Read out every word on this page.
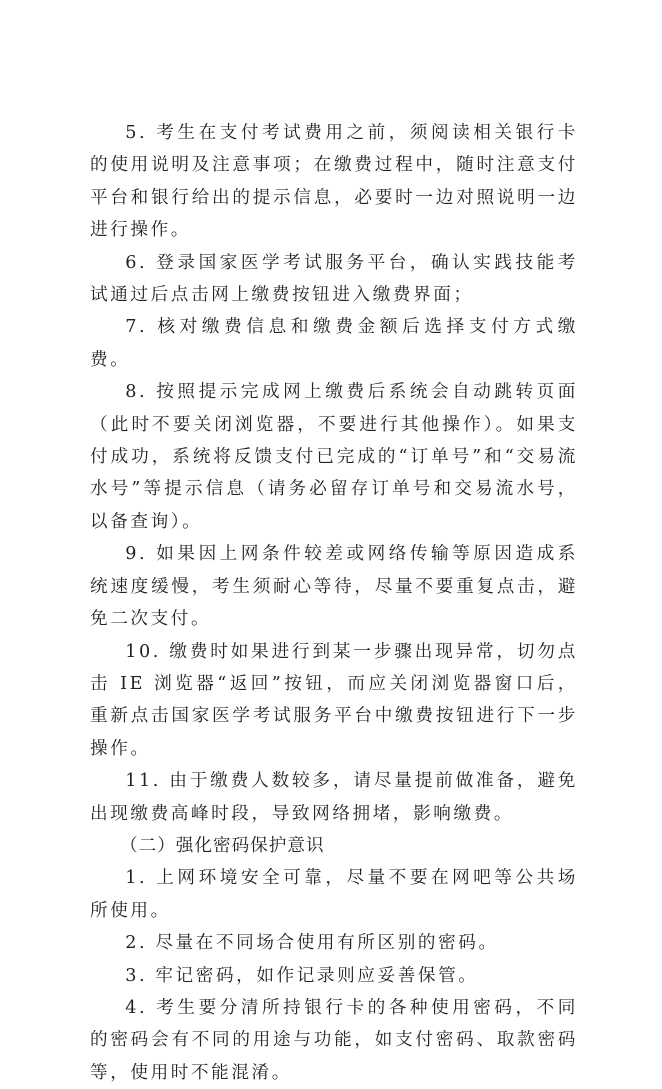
5. 考生在支付考试费用之前，须阅读相关银行卡的使用说明及注意事项；在缴费过程中，随时注意支付平台和银行给出的提示信息，必要时一边对照说明一边进行操作。

6. 登录国家医学考试服务平台，确认实践技能考试通过后点击网上缴费按钮进入缴费界面；

7. 核对缴费信息和缴费金额后选择支付方式缴费。

8. 按照提示完成网上缴费后系统会自动跳转页面（此时不要关闭浏览器，不要进行其他操作）。如果支付成功，系统将反馈支付已完成的“订单号”和“交易流水号”等提示信息（请务必留存订单号和交易流水号，以备查询）。

9. 如果因上网条件较差或网络传输等原因造成系统速度缓慢，考生须耐心等待，尽量不要重复点击，避免二次支付。

10. 缴费时如果进行到某一步骤出现异常，切勿点击 IE 浏览器“返回”按钮，而应关闭浏览器窗口后，重新点击国家医学考试服务平台中缴费按钮进行下一步操作。

11. 由于缴费人数较多，请尽量提前做准备，避免出现缴费高峰时段，导致网络拥堵，影响缴费。

（二）强化密码保护意识

1. 上网环境安全可靠，尽量不要在网吧等公共场所使用。

2. 尽量在不同场合使用有所区别的密码。

3. 牢记密码，如作记录则应妥善保管。

4. 考生要分清所持银行卡的各种使用密码，不同的密码会有不同的用途与功能，如支付密码、取款密码等，使用时不能混淆。
